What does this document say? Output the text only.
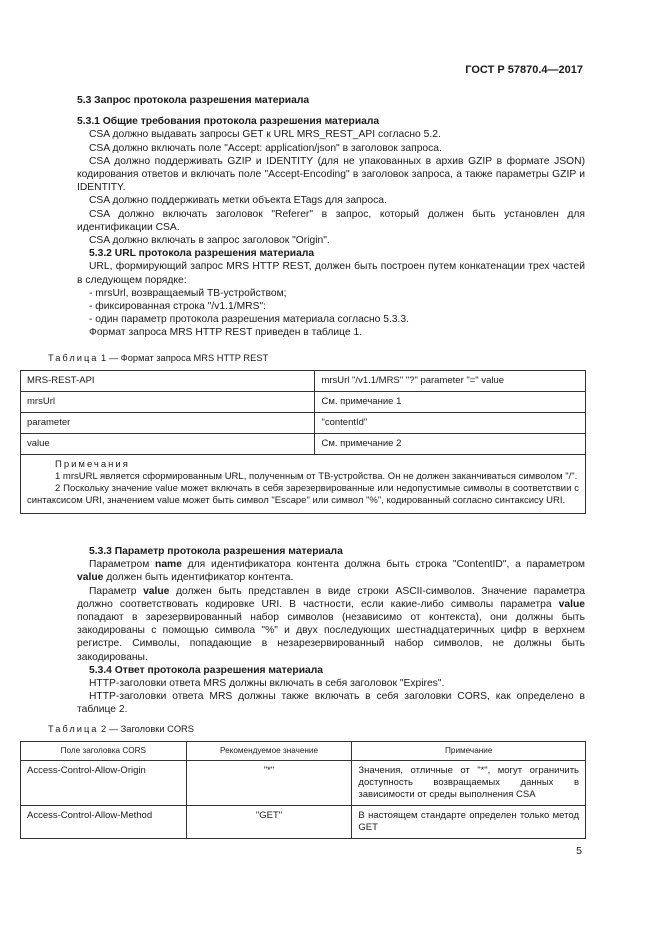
ГОСТ Р 57870.4—2017

5.3 Запрос протокола разрешения материала

5.3.1 Общие требования протокола разрешения материала

CSA должно выдавать запросы GET к URL MRS_REST_API согласно 5.2.

CSA должно включать поле "Accept: application/json" в заголовок запроса.

CSA должно поддерживать GZIP и IDENTITY (для не упакованных в архив GZIP в формате JSON) кодирования ответов и включать поле "Accept-Encoding" в заголовок запроса, а также параметры GZIP и IDENTITY.

CSA должно поддерживать метки объекта ETags для запроса.

CSA должно включать заголовок "Referer" в запрос, который должен быть установлен для идентификации CSA.

CSA должно включать в запрос заголовок "Origin".

5.3.2 URL протокола разрешения материала

URL, формирующий запрос MRS HTTP REST, должен быть построен путем конкатенации трех частей в следующем порядке:

- mrsUrl, возвращаемый ТВ-устройством;

- фиксированная строка "/v1.1/MRS":

- один параметр протокола разрешения материала согласно 5.3.3.

Формат запроса MRS HTTP REST приведен в таблице 1.

Таблица 1 — Формат запроса MRS HTTP REST
MRS-REST-API	mrsUrl "/v1.1/MRS" "?" parameter "=" value
mrsUrl	См. примечание 1
parameter	"contentId"
value	См. примечание 2

Примечания

1 mrsURL является сформированным URL, полученным от ТВ-устройства. Он не должен заканчиваться символом "/".

2 Поскольку значение value может включать в себя зарезервированные или недопустимые символы в соответствии с синтаксисом URI, значением value может быть символ "Escape" или символ "%", кодированный согласно синтаксису URI.	

5.3.3 Параметр протокола разрешения материала

Параметром name для идентификатора контента должна быть строка "ContentID", а параметром value должен быть идентификатор контента.

Параметр value должен быть представлен в виде строки ASCII-символов. Значение параметра должно соответствовать кодировке URI. В частности, если какие-либо символы параметра value попадают в зарезервированный набор символов (независимо от контекста), они должны быть закодированы с помощью символа "%" и двух последующих шестнадцатеричных цифр в верхнем регистре. Символы, попадающие в незарезервированный набор символов, не должны быть закодированы.

5.3.4 Ответ протокола разрешения материала

HTTP-заголовки ответа MRS должны включать в себя заголовок "Expires".

HTTP-заголовки ответа MRS должны также включать в себя заголовки CORS, как определено в таблице 2.

Таблица 2 — Заголовки CORS
Поле заголовка CORS	Рекомендуемое значение	Примечание
Access-Control-Allow-Origin	"*"	Значения, отличные от "*", могут ограничить доступность возвращаемых данных в зависимости от среды выполнения CSA
Access-Control-Allow-Method	"GET"	В настоящем стандарте определен только метод GET
5
